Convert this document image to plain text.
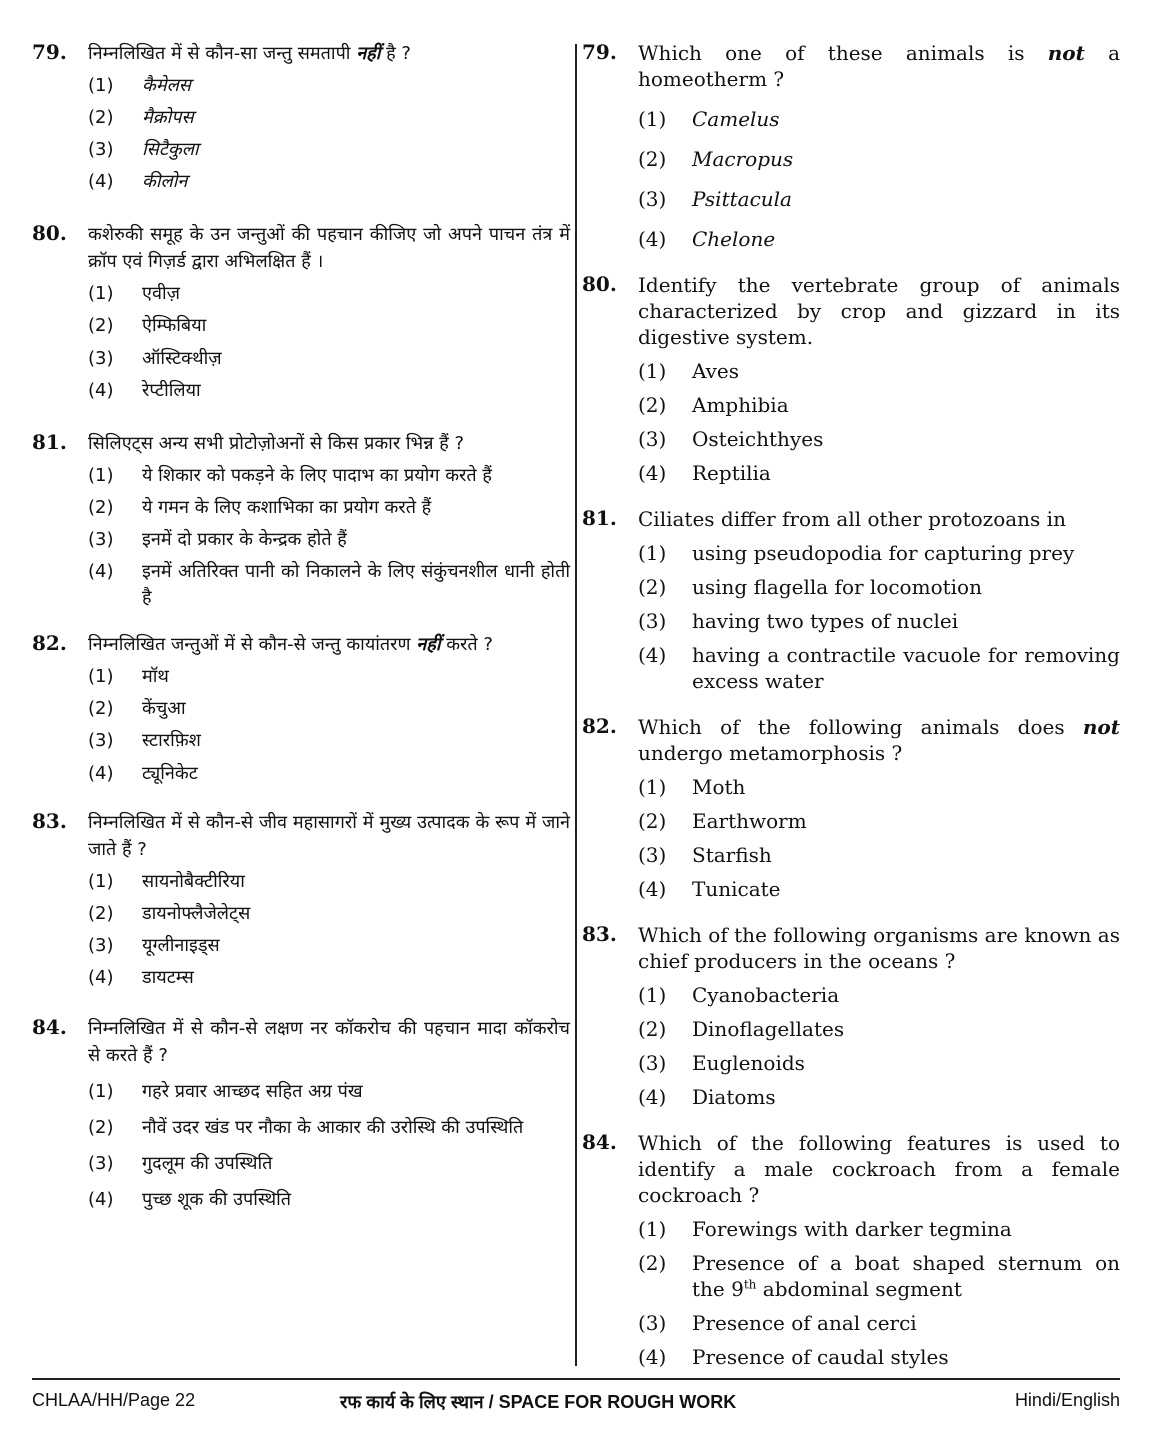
79. निम्नलिखित में से कौन-सा जन्तु समतापी नहीं है ?
(1) कैमेलस
(2) मैक्रोपस
(3) सिटैकुला
(4) कीलोन
80. कशेरुकी समूह के उन जन्तुओं की पहचान कीजिए जो अपने पाचन तंत्र में क्रॉप एवं गिज़र्ड द्वारा अभिलक्षित हैं ।
(1) एवीज़
(2) ऐम्फिबिया
(3) ऑस्टिक्थीज़
(4) रेप्टीलिया
81. सिलिएट्स अन्य सभी प्रोटोज़ोअनों से किस प्रकार भिन्न हैं ?
(1) ये शिकार को पकड़ने के लिए पादाभ का प्रयोग करते हैं
(2) ये गमन के लिए कशाभिका का प्रयोग करते हैं
(3) इनमें दो प्रकार के केन्द्रक होते हैं
(4) इनमें अतिरिक्त पानी को निकालने के लिए संकुंचनशील धानी होती है
82. निम्नलिखित जन्तुओं में से कौन-से जन्तु कायांतरण नहीं करते ?
(1) मॉथ
(2) केंचुआ
(3) स्टारफ़िश
(4) ट्यूनिकेट
83. निम्नलिखित में से कौन-से जीव महासागरों में मुख्य उत्पादक के रूप में जाने जाते हैं ?
(1) सायनोबैक्टीरिया
(2) डायनोफ्लैजेलेट्स
(3) यूग्लीनाइड्स
(4) डायटम्स
84. निम्नलिखित में से कौन-से लक्षण नर कॉकरोच की पहचान मादा कॉकरोच से करते हैं ?
(1) गहरे प्रवार आच्छद सहित अग्र पंख
(2) नौवें उदर खंड पर नौका के आकार की उरोस्थि की उपस्थिति
(3) गुदलूम की उपस्थिति
(4) पुच्छ शूक की उपस्थिति
79. Which one of these animals is not a homeotherm ?
(1) Camelus
(2) Macropus
(3) Psittacula
(4) Chelone
80. Identify the vertebrate group of animals characterized by crop and gizzard in its digestive system.
(1) Aves
(2) Amphibia
(3) Osteichthyes
(4) Reptilia
81. Ciliates differ from all other protozoans in
(1) using pseudopodia for capturing prey
(2) using flagella for locomotion
(3) having two types of nuclei
(4) having a contractile vacuole for removing excess water
82. Which of the following animals does not undergo metamorphosis ?
(1) Moth
(2) Earthworm
(3) Starfish
(4) Tunicate
83. Which of the following organisms are known as chief producers in the oceans ?
(1) Cyanobacteria
(2) Dinoflagellates
(3) Euglenoids
(4) Diatoms
84. Which of the following features is used to identify a male cockroach from a female cockroach ?
(1) Forewings with darker tegmina
(2) Presence of a boat shaped sternum on the 9th abdominal segment
(3) Presence of anal cerci
(4) Presence of caudal styles
CHLAA/HH/Page 22	रफ कार्य के लिए स्थान / SPACE FOR ROUGH WORK	Hindi/English
